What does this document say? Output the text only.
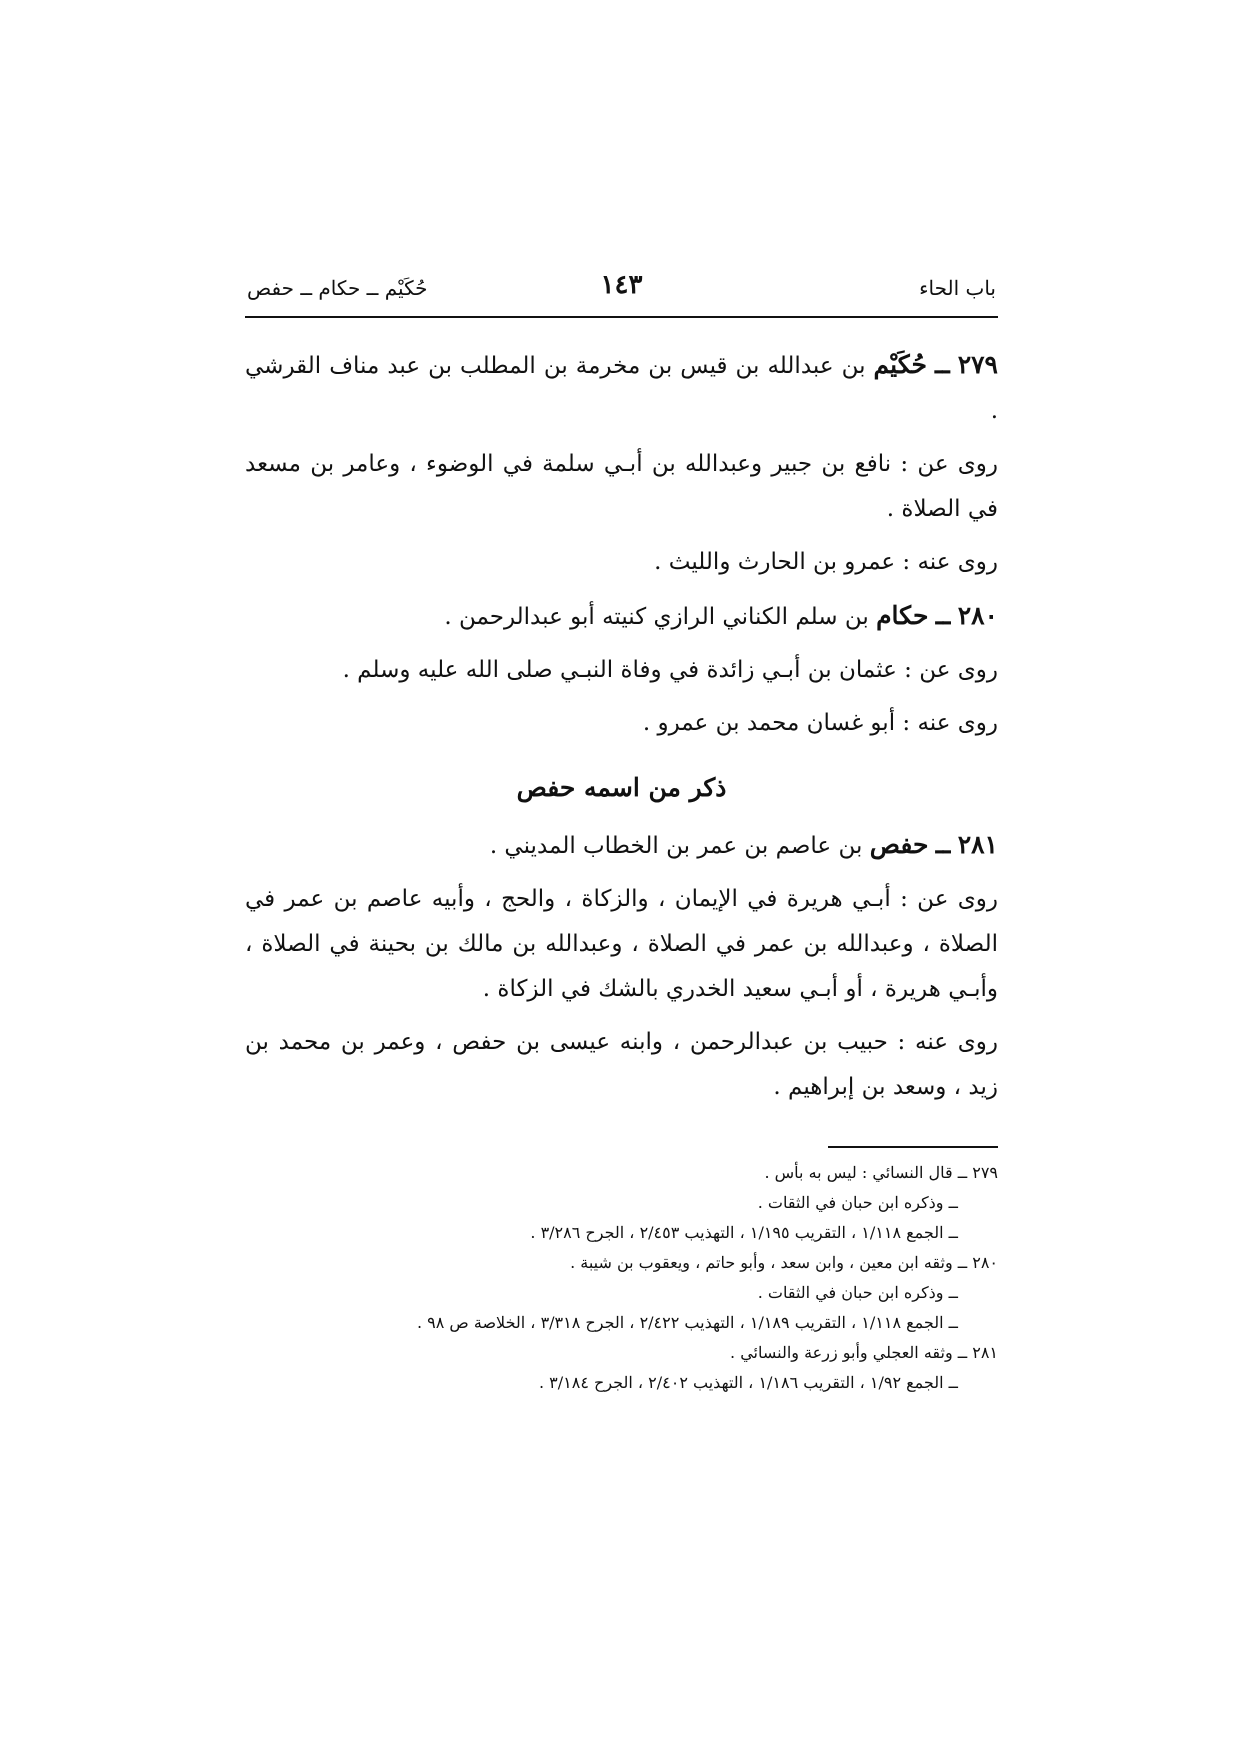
باب الحاء
١٤٣
حُكَيْم ــ حكام ــ حفص

٢٧٩ ــ حُكَيْم بن عبدالله بن قيس بن مخرمة بن المطلب بن عبد مناف القرشي .

روى عن : نافع بن جبير وعبدالله بن أبـي سلمة في الوضوء ، وعامر بن مسعد في الصلاة .

روى عنه : عمرو بن الحارث والليث .

٢٨٠ ــ حكام بن سلم الكناني الرازي كنيته أبو عبدالرحمن .

روى عن : عثمان بن أبـي زائدة في وفاة النبـي صلى الله عليه وسلم .

روى عنه : أبو غسان محمد بن عمرو .

ذكر من اسمه حفص

٢٨١ ــ حفص بن عاصم بن عمر بن الخطاب المديني .

روى عن : أبـي هريرة في الإيمان ، والزكاة ، والحج ، وأبيه عاصم بن عمر في الصلاة ، وعبدالله بن عمر في الصلاة ، وعبدالله بن مالك بن بحينة في الصلاة ، وأبـي هريرة ، أو أبـي سعيد الخدري بالشك في الزكاة .

روى عنه : حبيب بن عبدالرحمن ، وابنه عيسى بن حفص ، وعمر بن محمد بن زيد ، وسعد بن إبراهيم .

٢٧٩ ــ قال النسائي : ليس به بأس .

ــ وذكره ابن حبان في الثقات .

ــ الجمع ١/١١٨ ، التقريب ١/١٩٥ ، التهذيب ٢/٤٥٣ ، الجرح ٣/٢٨٦ .

٢٨٠ ــ وثقه ابن معين ، وابن سعد ، وأبو حاتم ، ويعقوب بن شيبة .

ــ وذكره ابن حبان في الثقات .

ــ الجمع ١/١١٨ ، التقريب ١/١٨٩ ، التهذيب ٢/٤٢٢ ، الجرح ٣/٣١٨ ، الخلاصة ص ٩٨ .

٢٨١ ــ وثقه العجلي وأبو زرعة والنسائي .

ــ الجمع ١/٩٢ ، التقريب ١/١٨٦ ، التهذيب ٢/٤٠٢ ، الجرح ٣/١٨٤ .
